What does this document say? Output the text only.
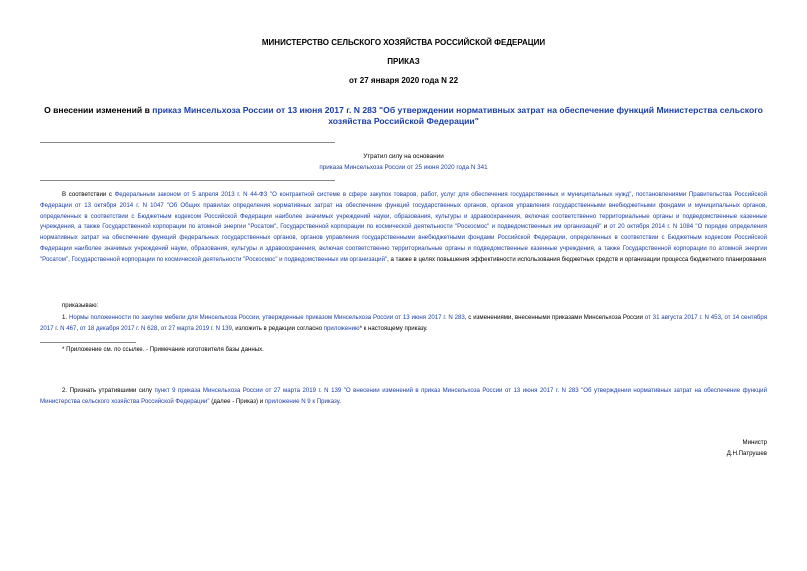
МИНИСТЕРСТВО СЕЛЬСКОГО ХОЗЯЙСТВА РОССИЙСКОЙ ФЕДЕРАЦИИ
ПРИКАЗ
от 27 января 2020 года N 22
О внесении изменений в приказ Минсельхоза России от 13 июня 2017 г. N 283 "Об утверждении нормативных затрат на обеспечение функций Министерства сельского хозяйства Российской Федерации"
Утратил силу на основании
приказа Минсельхоза России от 25 июня 2020 года N 341
В соответствии с Федеральным законом от 5 апреля 2013 г. N 44-ФЗ "О контрактной системе в сфере закупок товаров, работ, услуг для обеспечения государственных и муниципальных нужд", постановлениями Правительства Российской Федерации от 13 октября 2014 г. N 1047 "Об Общих правилах определения нормативных затрат на обеспечение функций государственных органов, органов управления государственными внебюджетными фондами и муниципальных органов, определенных в соответствии с Бюджетным кодексом Российской Федерации наиболее значимых учреждений науки, образования, культуры и здравоохранения, включая соответственно территориальные органы и подведомственные казенные учреждения, а также Государственной корпорации по атомной энергии "Росатом", Государственной корпорации по космической деятельности "Роскосмос" и подведомственных им организаций" и от 20 октября 2014 г. N 1084 "О порядке определения нормативных затрат на обеспечение функций федеральных государственных органов, органов управления государственными внебюджетными фондами Российской Федерации, определенных в соответствии с Бюджетным кодексом Российской Федерации наиболее значимых учреждений науки, образования, культуры и здравоохранения, включая соответственно территориальные органы и подведомственные казенные учреждения, а также Государственной корпорации по атомной энергии "Росатом", Государственной корпорации по космической деятельности "Роскосмос" и подведомственных им организаций", а также в целях повышения эффективности использования бюджетных средств и организации процесса бюджетного планирования
приказываю:
1. Нормы положенности по закупке мебели для Минсельхоза России, утвержденные приказом Минсельхоза России от 13 июня 2017 г. N 283, с изменениями, внесенными приказами Минсельхоза России от 31 августа 2017 г. N 453, от 14 сентября 2017 г. N 467, от 18 декабря 2017 г. N 628, от 27 марта 2019 г. N 139, изложить в редакции согласно приложению* к настоящему приказу.
* Приложение см. по ссылке. - Примечание изготовителя базы данных.
2. Признать утратившими силу пункт 9 приказа Минсельхоза России от 27 марта 2019 г. N 139 "О внесении изменений в приказ Минсельхоза России от 13 июня 2017 г. N 283 "Об утверждении нормативных затрат на обеспечение функций Министерства сельского хозяйства Российской Федерации" (далее - Приказ) и приложение N 9 к Приказу.
Министр
Д.Н.Патрушев
